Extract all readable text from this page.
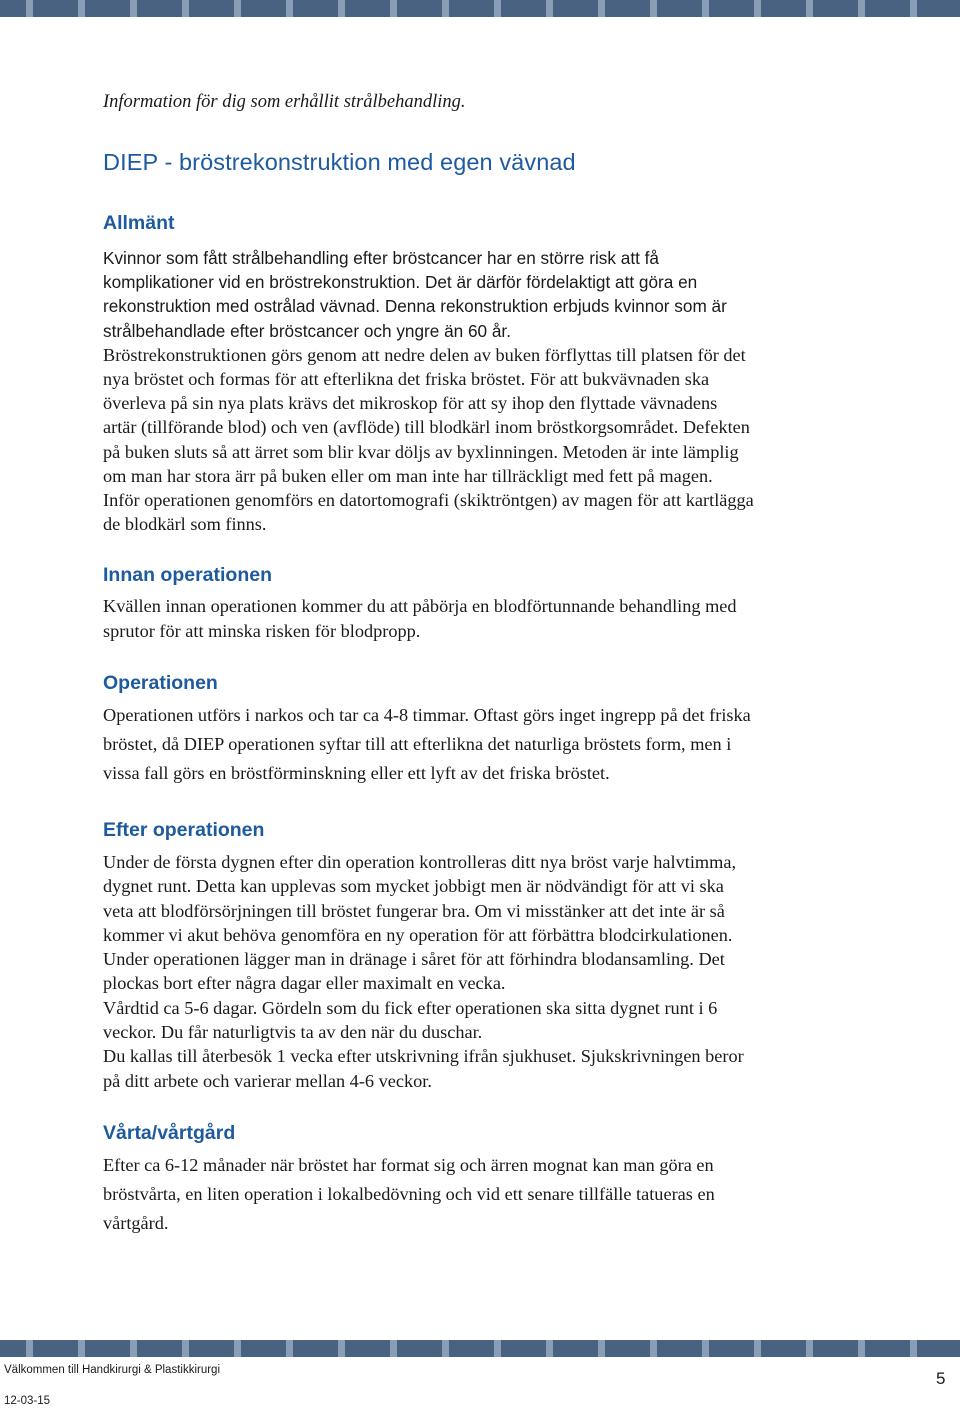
Information för dig som erhållit strålbehandling.
DIEP - bröstrekonstruktion med egen vävnad
Allmänt
Kvinnor som fått strålbehandling efter bröstcancer har en större risk att få
komplikationer vid en bröstrekonstruktion. Det är därför fördelaktigt att göra en
rekonstruktion med ostrålad vävnad. Denna rekonstruktion erbjuds kvinnor som är
strålbehandlade efter bröstcancer och yngre än 60 år.
Bröstrekonstruktionen görs genom att nedre delen av buken förflyttas till platsen för det
nya bröstet och formas för att efterlikna det friska bröstet. För att bukvävnaden ska
överleva på sin nya plats krävs det mikroskop för att sy ihop den flyttade vävnadens
artär (tillförande blod) och ven (avflöde) till blodkärl inom bröstkorgsområdet. Defekten
på buken sluts så att ärret som blir kvar döljs av byxlinningen. Metoden är inte lämplig
om man har stora ärr på buken eller om man inte har tillräckligt med fett på magen.
Inför operationen genomförs en datortomografi (skiktröntgen) av magen för att kartlägga
de blodkärl som finns.
Innan operationen
Kvällen innan operationen kommer du att påbörja en blodförtunnande behandling med
sprutor för att minska risken för blodpropp.
Operationen
Operationen utförs i narkos och tar ca 4-8 timmar. Oftast görs inget ingrepp på det friska
bröstet, då DIEP operationen syftar till att efterlikna det naturliga bröstets form, men i
vissa fall görs en bröstförminskning eller ett lyft av det friska bröstet.
Efter operationen
Under de första dygnen efter din operation kontrolleras ditt nya bröst varje halvtimma,
dygnet runt. Detta kan upplevas som mycket jobbigt men är nödvändigt för att vi ska
veta att blodförsörjningen till bröstet fungerar bra. Om vi misstänker att det inte är så
kommer vi akut behöva genomföra en ny operation för att förbättra blodcirkulationen.
Under operationen lägger man in dränage i såret för att förhindra blodansamling. Det
plockas bort efter några dagar eller maximalt en vecka.
Vårdtid ca 5-6 dagar. Gördeln som du fick efter operationen ska sitta dygnet runt i 6
veckor. Du får naturligtvis ta av den när du duschar.
Du kallas till återbesök 1 vecka efter utskrivning ifrån sjukhuset. Sjukskrivningen beror
på ditt arbete och varierar mellan 4-6 veckor.
Vårta/vårtgård
Efter ca 6-12 månader när bröstet har format sig och ärren mognat kan man göra en
bröstvårta, en liten operation i lokalbedövning och vid ett senare tillfälle tatueras en
vårtgård.
Välkommen till Handkirurgi & Plastikkirurgi
12-03-15
5
